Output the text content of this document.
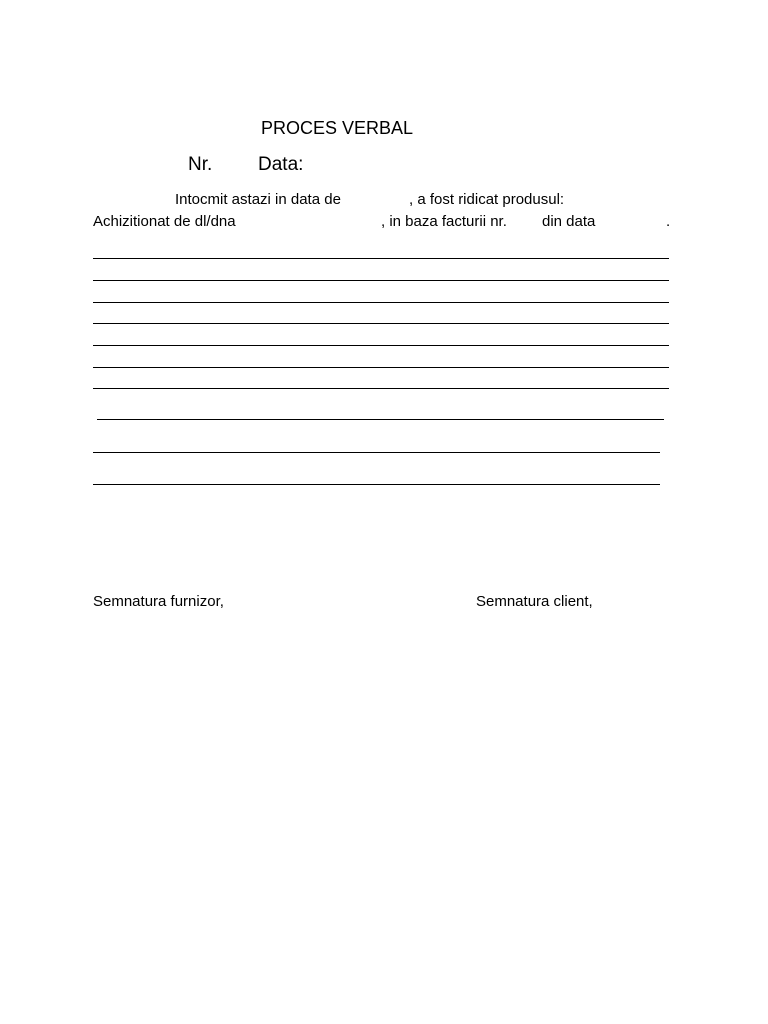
PROCES VERBAL
Nr. Data:
Intocmit astazi in data de	, a fost ridicat produsul:
Achizitionat de dl/dna	, in baza facturii nr. din data	.
Semnatura furnizor,	Semnatura client,
